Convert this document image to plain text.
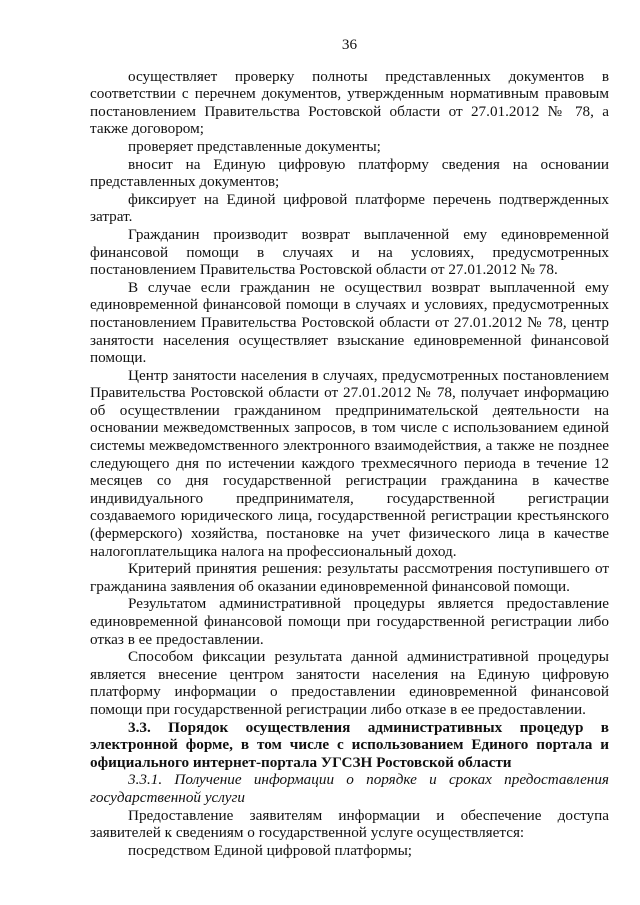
36

осуществляет проверку полноты представленных документов в соответствии с перечнем документов, утвержденным нормативным правовым постановлением Правительства Ростовской области от 27.01.2012 № 78, а также договором;

проверяет представленные документы;

вносит на Единую цифровую платформу сведения на основании представленных документов;

фиксирует на Единой цифровой платформе перечень подтвержденных затрат.

Гражданин производит возврат выплаченной ему единовременной финансовой помощи в случаях и на условиях, предусмотренных постановлением Правительства Ростовской области от 27.01.2012 № 78.

В случае если гражданин не осуществил возврат выплаченной ему единовременной финансовой помощи в случаях и условиях, предусмотренных постановлением Правительства Ростовской области от 27.01.2012 № 78, центр занятости населения осуществляет взыскание единовременной финансовой помощи.

Центр занятости населения в случаях, предусмотренных постановлением Правительства Ростовской области от 27.01.2012 № 78, получает информацию об осуществлении гражданином предпринимательской деятельности на основании межведомственных запросов, в том числе с использованием единой системы межведомственного электронного взаимодействия, а также не позднее следующего дня по истечении каждого трехмесячного периода в течение 12 месяцев со дня государственной регистрации гражданина в качестве индивидуального предпринимателя, государственной регистрации создаваемого юридического лица, государственной регистрации крестьянского (фермерского) хозяйства, постановке на учет физического лица в качестве налогоплательщика налога на профессиональный доход.

Критерий принятия решения: результаты рассмотрения поступившего от гражданина заявления об оказании единовременной финансовой помощи.

Результатом административной процедуры является предоставление единовременной финансовой помощи при государственной регистрации либо отказ в ее предоставлении.

Способом фиксации результата данной административной процедуры является внесение центром занятости населения на Единую цифровую платформу информации о предоставлении единовременной финансовой помощи при государственной регистрации либо отказе в ее предоставлении.

3.3. Порядок осуществления административных процедур в электронной форме, в том числе с использованием Единого портала и официального интернет-портала УГСЗН Ростовской области

3.3.1. Получение информации о порядке и сроках предоставления государственной услуги

Предоставление заявителям информации и обеспечение доступа заявителей к сведениям о государственной услуге осуществляется:

посредством Единой цифровой платформы;
